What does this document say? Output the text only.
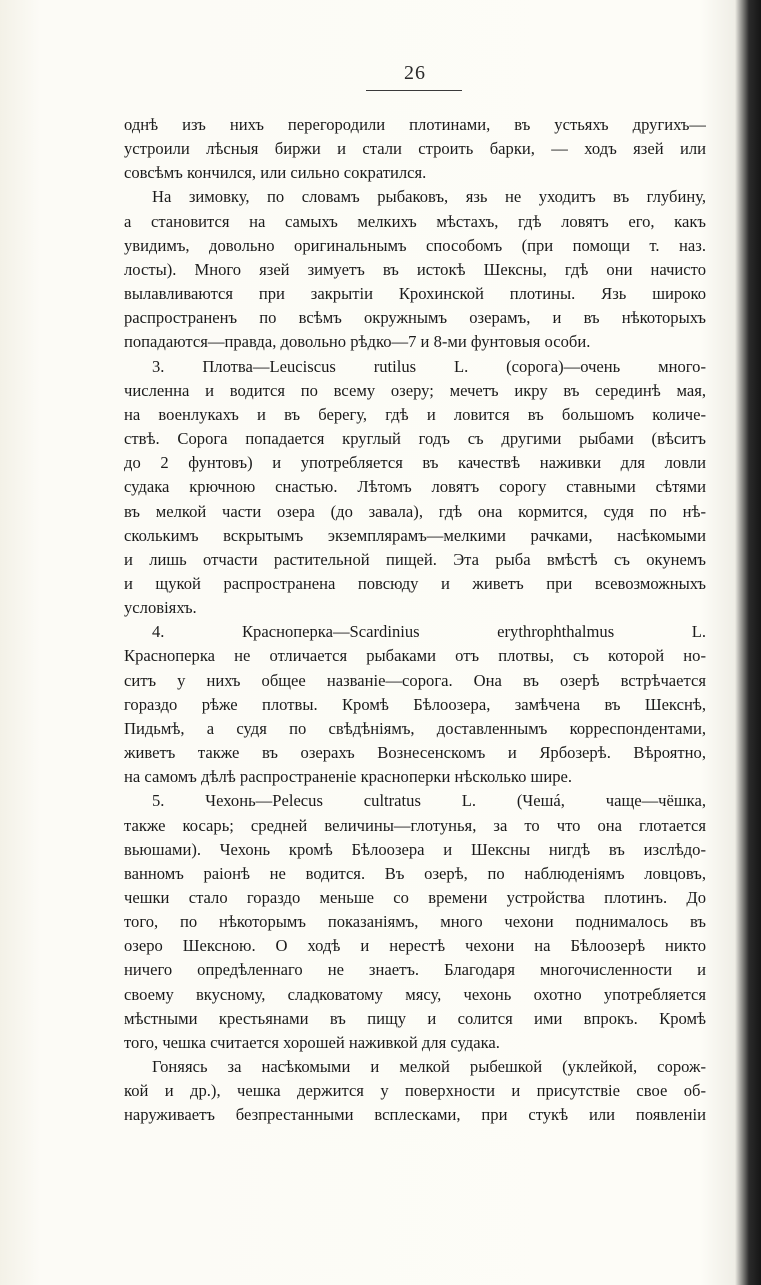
26
однѣ изъ нихъ перегородили плотинами, въ устьяхъ другихъ—
устроили лѣсныя биржи и стали строить барки, — ходъ язей или
совсѣмъ кончился, или сильно сократился.
На зимовку, по словамъ рыбаковъ, язь не уходитъ въ глубину,
а становится на самыхъ мелкихъ мѣстахъ, гдѣ ловятъ его, какъ
увидимъ, довольно оригинальнымъ способомъ (при помощи т. наз.
лосты). Много язей зимуетъ въ истокѣ Шексны, гдѣ они начисто
вылавливаются при закрытіи Крохинской плотины. Язь широко
распространенъ по всѣмъ окружнымъ озерамъ, и въ нѣкоторыхъ
попадаются—правда, довольно рѣдко—7 и 8-ми фунтовыя особи.
3. Плотва—Leuciscus rutilus L. (сорога)—очень много-
численна и водится по всему озеру; мечетъ икру въ серединѣ мая,
на военлукахъ и въ берегу, гдѣ и ловится въ большомъ количе-
ствѣ. Сорога попадается круглый годъ съ другими рыбами (вѣситъ
до 2 фунтовъ) и употребляется въ качествѣ наживки для ловли
судака крючною снастью. Лѣтомъ ловятъ сорогу ставными сѣтями
въ мелкой части озера (до завала), гдѣ она кормится, судя по нѣ-
сколькимъ вскрытымъ экземплярамъ—мелкими рачками, насѣкомыми
и лишь отчасти растительной пищей. Эта рыба вмѣстѣ съ окунемъ
и щукой распространена повсюду и живетъ при всевозможныхъ
условіяхъ.
4. Красноперка—Scardinius erythrophthalmus L.
Красноперка не отличается рыбаками отъ плотвы, съ которой но-
ситъ у нихъ общее названіе—сорога. Она въ озерѣ встрѣчается
гораздо рѣже плотвы. Кромѣ Бѣлоозера, замѣчена въ Шекснѣ,
Пидьмѣ, а судя по свѣдѣніямъ, доставленнымъ корреспондентами,
живетъ также въ озерахъ Вознесенскомъ и Ярбозерѣ. Вѣроятно,
на самомъ дѣлѣ распространеніе красноперки нѣсколько шире.
5. Чехонь—Pelecus cultratus L. (Чешá, чаще—чёшка,
также косарь; средней величины—глотунья, за то что она глотается
вьюшами). Чехонь кромѣ Бѣлоозера и Шексны нигдѣ въ изслѣдо-
ванномъ раіонѣ не водится. Въ озерѣ, по наблюденіямъ ловцовъ,
чешки стало гораздо меньше со времени устройства плотинъ. До
того, по нѣкоторымъ показаніямъ, много чехони поднималось въ
озеро Шексною. О ходѣ и нерестѣ чехони на Бѣлоозерѣ никто
ничего опредѣленнаго не знаетъ. Благодаря многочисленности и
своему вкусному, сладковатому мясу, чехонь охотно употребляется
мѣстными крестьянами въ пищу и солится ими впрокъ. Кромѣ
того, чешка считается хорошей наживкой для судака.
Гоняясь за насѣкомыми и мелкой рыбешкой (уклейкой, сорож-
кой и др.), чешка держится у поверхности и присутствіе свое об-
наруживаетъ безпрестанными всплесками, при стукѣ или появленіи
